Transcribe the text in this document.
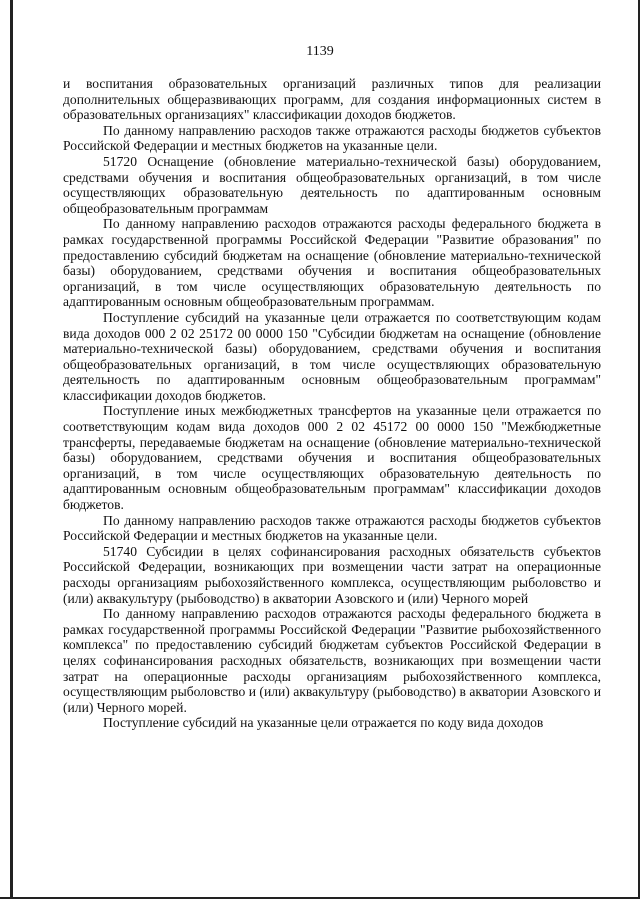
1139

и воспитания образовательных организаций различных типов для реализации дополнительных общеразвивающих программ, для создания информационных систем в образовательных организациях" классификации доходов бюджетов.

По данному направлению расходов также отражаются расходы бюджетов субъектов Российской Федерации и местных бюджетов на указанные цели.

51720 Оснащение (обновление материально-технической базы) оборудованием, средствами обучения и воспитания общеобразовательных организаций, в том числе осуществляющих образовательную деятельность по адаптированным основным общеобразовательным программам

По данному направлению расходов отражаются расходы федерального бюджета в рамках государственной программы Российской Федерации "Развитие образования" по предоставлению субсидий бюджетам на оснащение (обновление материально-технической базы) оборудованием, средствами обучения и воспитания общеобразовательных организаций, в том числе осуществляющих образовательную деятельность по адаптированным основным общеобразовательным программам.

Поступление субсидий на указанные цели отражается по соответствующим кодам вида доходов 000 2 02 25172 00 0000 150 "Субсидии бюджетам на оснащение (обновление материально-технической базы) оборудованием, средствами обучения и воспитания общеобразовательных организаций, в том числе осуществляющих образовательную деятельность по адаптированным основным общеобразовательным программам" классификации доходов бюджетов.

Поступление иных межбюджетных трансфертов на указанные цели отражается по соответствующим кодам вида доходов 000 2 02 45172 00 0000 150 "Межбюджетные трансферты, передаваемые бюджетам на оснащение (обновление материально-технической базы) оборудованием, средствами обучения и воспитания общеобразовательных организаций, в том числе осуществляющих образовательную деятельность по адаптированным основным общеобразовательным программам" классификации доходов бюджетов.

По данному направлению расходов также отражаются расходы бюджетов субъектов Российской Федерации и местных бюджетов на указанные цели.

51740 Субсидии в целях софинансирования расходных обязательств субъектов Российской Федерации, возникающих при возмещении части затрат на операционные расходы организациям рыбохозяйственного комплекса, осуществляющим рыболовство и (или) аквакультуру (рыбоводство) в акватории Азовского и (или) Черного морей

По данному направлению расходов отражаются расходы федерального бюджета в рамках государственной программы Российской Федерации "Развитие рыбохозяйственного комплекса" по предоставлению субсидий бюджетам субъектов Российской Федерации в целях софинансирования расходных обязательств, возникающих при возмещении части затрат на операционные расходы организациям рыбохозяйственного комплекса, осуществляющим рыболовство и (или) аквакультуру (рыбоводство) в акватории Азовского и (или) Черного морей.

Поступление субсидий на указанные цели отражается по коду вида доходов
